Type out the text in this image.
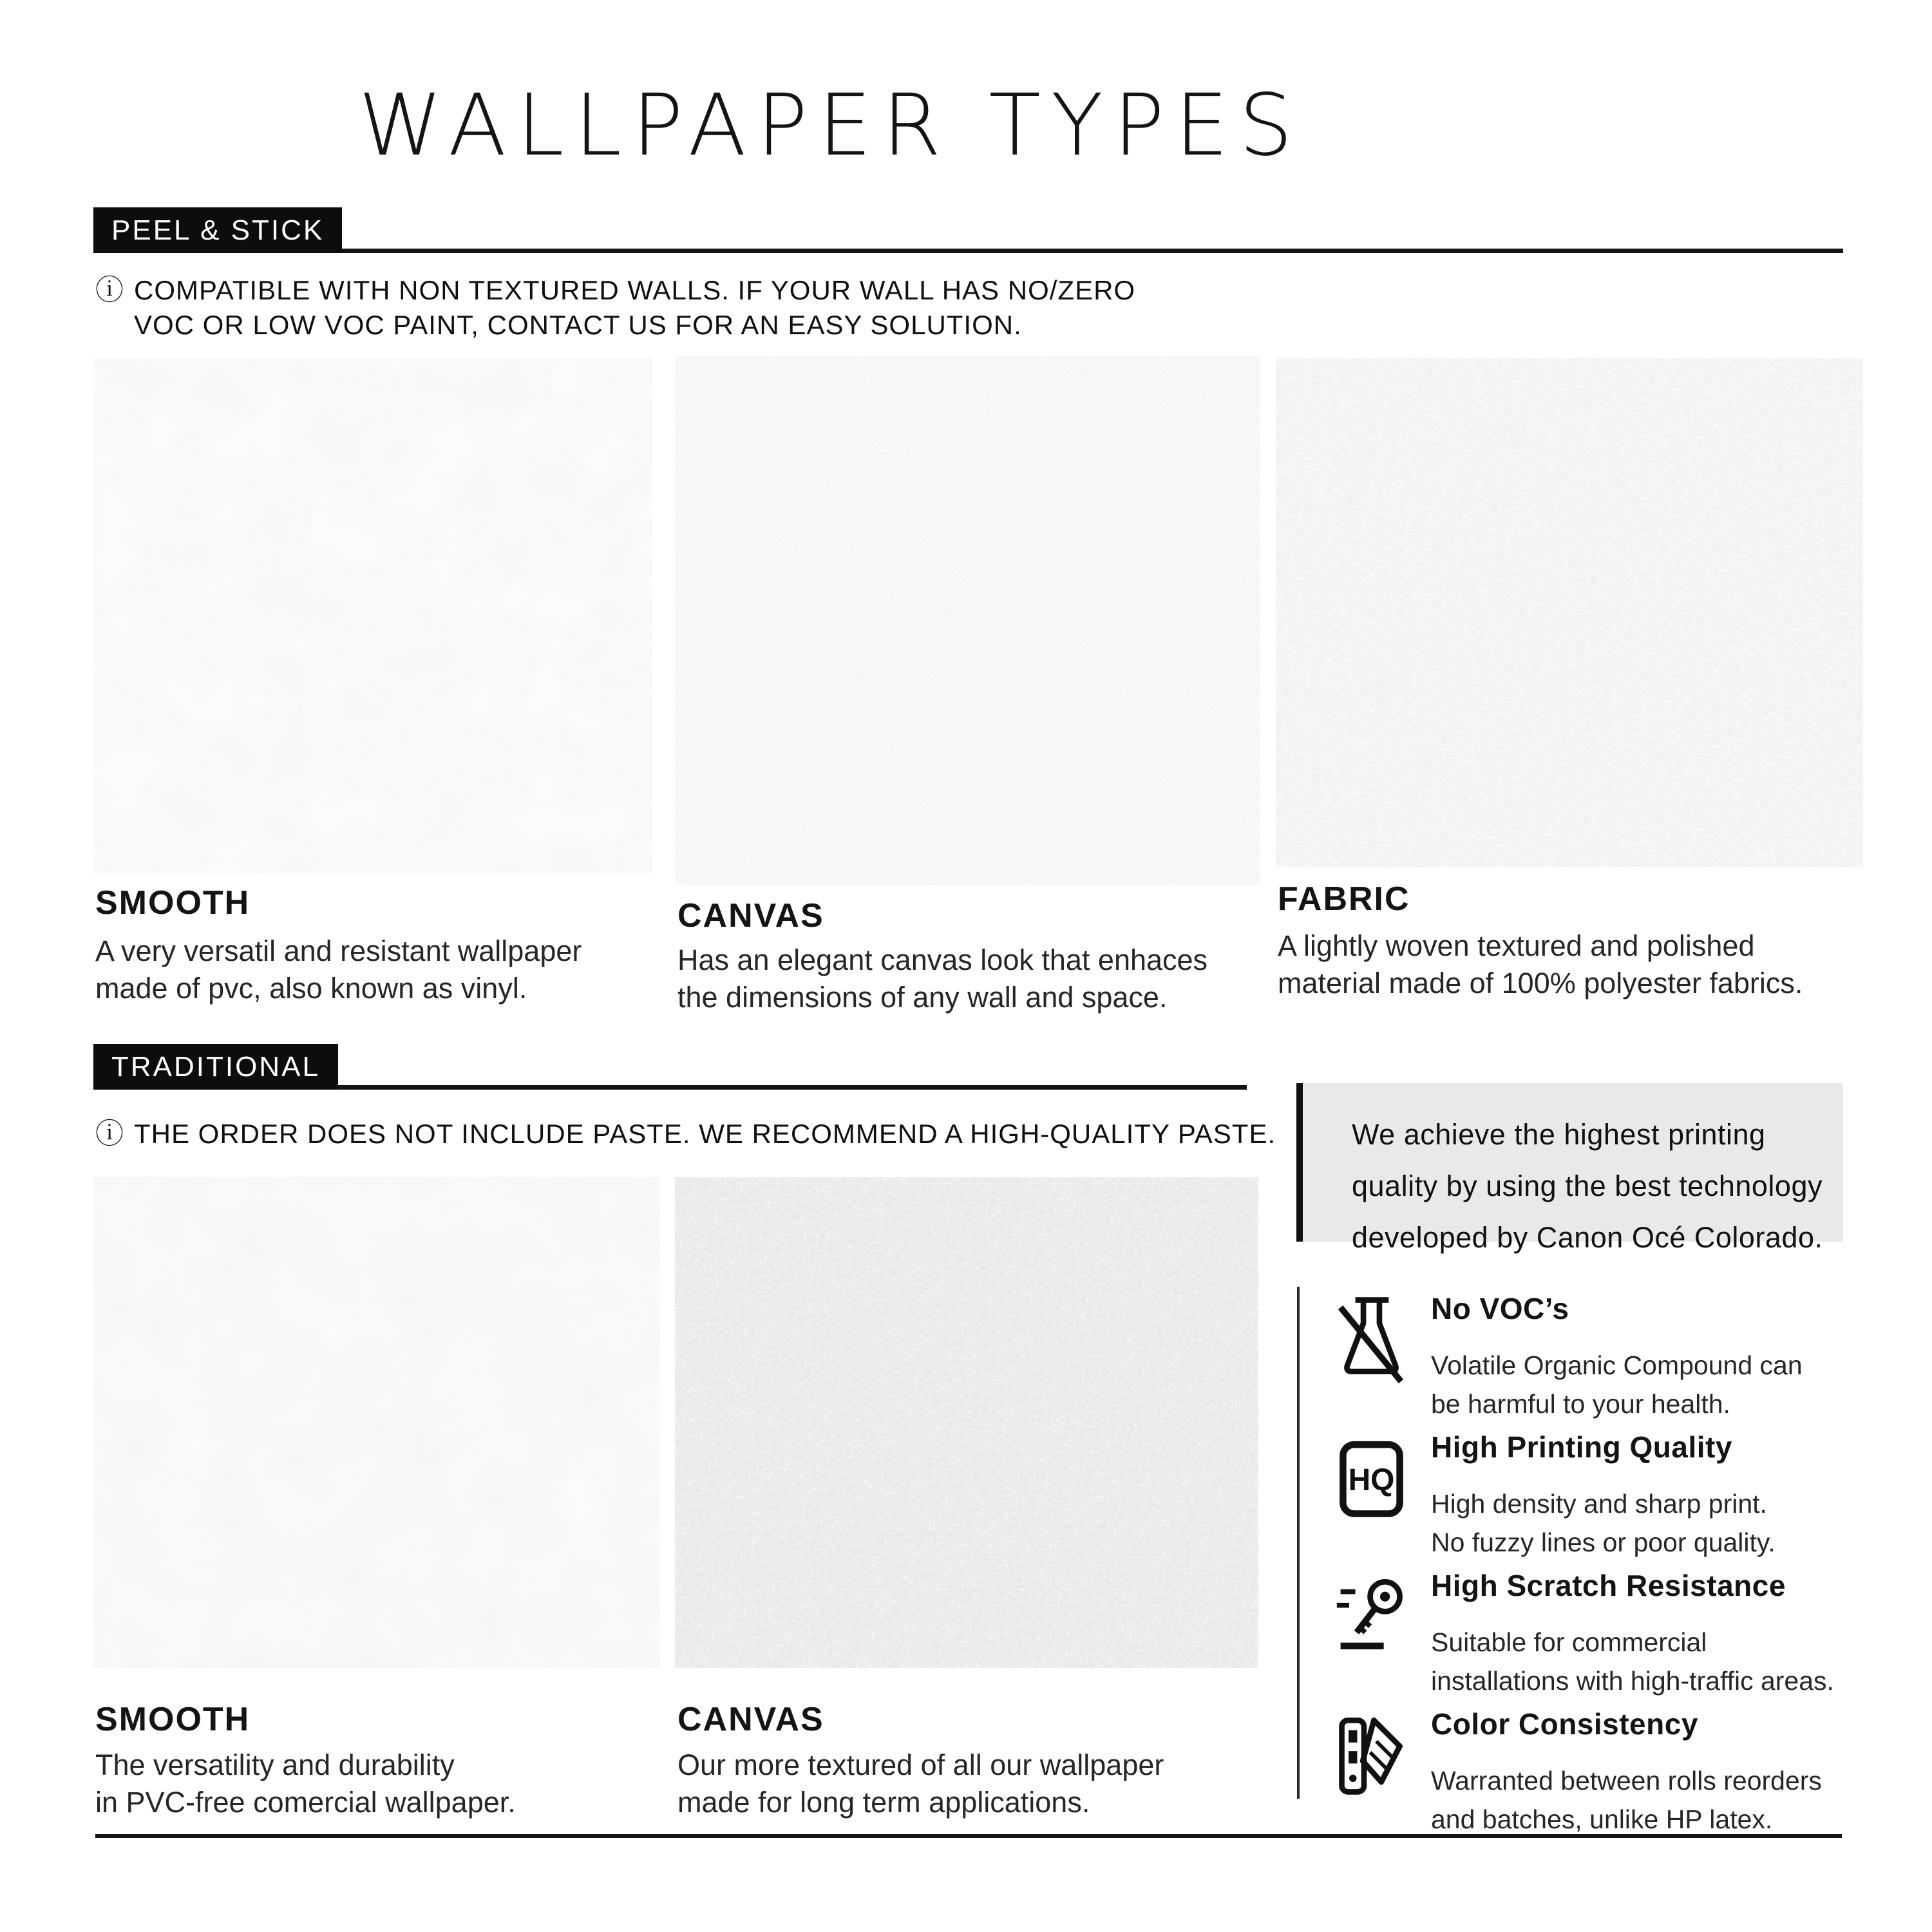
WALLPAPER TYPES
PEEL & STICK
ⓘ COMPATIBLE WITH NON TEXTURED WALLS. IF YOUR WALL HAS NO/ZERO
VOC OR LOW VOC PAINT, CONTACT US FOR AN EASY SOLUTION.
SMOOTH
A very versatil and resistant wallpaper
made of pvc, also known as vinyl.
CANVAS
Has an elegant canvas look that enhaces
the dimensions of any wall and space.
FABRIC
A lightly woven textured and polished
material made of 100% polyester fabrics.
TRADITIONAL
ⓘ THE ORDER DOES NOT INCLUDE PASTE. WE RECOMMEND A HIGH-QUALITY PASTE.
SMOOTH
The versatility and durability
in PVC-free comercial wallpaper.
CANVAS
Our more textured of all our wallpaper
made for long term applications.
We achieve the highest printing
quality by using the best technology
developed by Canon Océ Colorado.
No VOC’s
Volatile Organic Compound can
be harmful to your health.
HQ
High Printing Quality
High density and sharp print.
No fuzzy lines or poor quality.
High Scratch Resistance
Suitable for commercial
installations with high-traffic areas.
Color Consistency
Warranted between rolls reorders
and batches, unlike HP latex.
